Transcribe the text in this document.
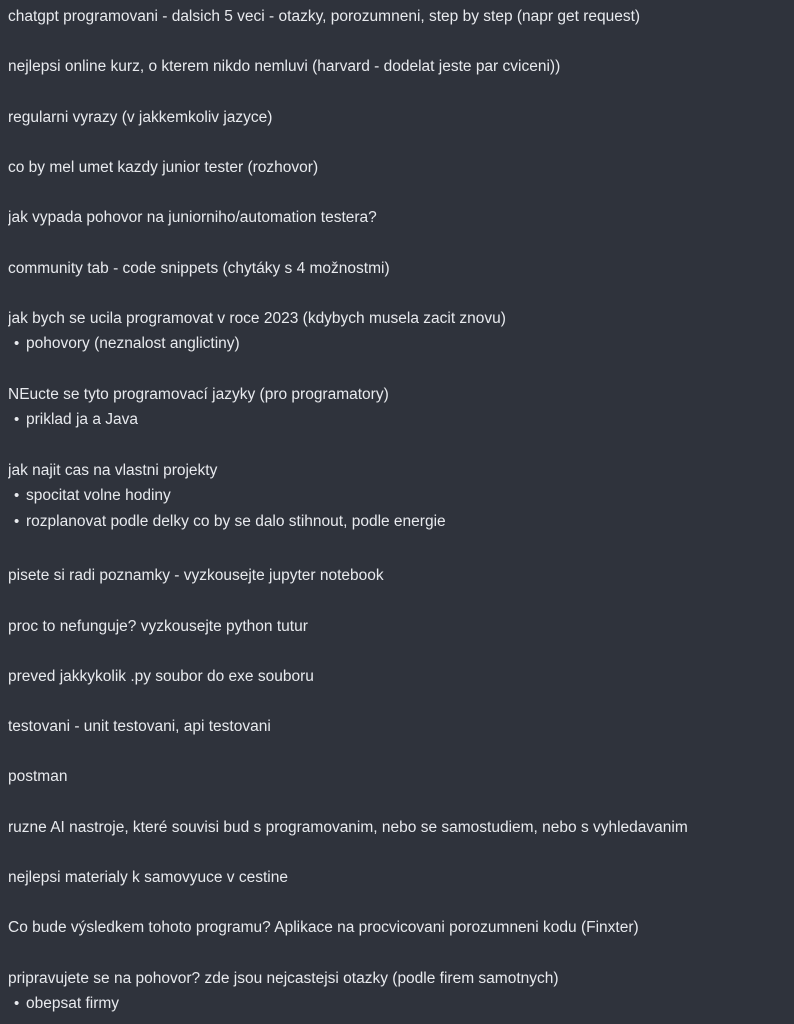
chatgpt programovani - dalsich 5 veci - otazky, porozumneni, step by step (napr get request)
nejlepsi online kurz, o kterem nikdo nemluvi (harvard - dodelat jeste par cviceni))
regularni vyrazy (v jakkemkoliv jazyce)
co by mel umet kazdy junior tester (rozhovor)
jak vypada pohovor na juniorniho/automation testera?
community tab - code snippets (chytáky s 4 možnostmi)
jak bych se ucila programovat v roce 2023 (kdybych musela zacit znovu)
• pohovory (neznalost anglictiny)
NEucte se tyto programovací jazyky (pro programatory)
• priklad ja a Java
jak najit cas na vlastni projekty
• spocitat volne hodiny
• rozplanovat podle delky co by se dalo stihnout, podle energie
pisete si radi poznamky - vyzkousejte jupyter notebook
proc to nefunguje? vyzkousejte python tutur
preved jakkykolik .py soubor do exe souboru
testovani - unit testovani, api testovani
postman
ruzne AI nastroje, které souvisi bud s programovanim, nebo se samostudiem, nebo s vyhledavanim
nejlepsi materialy k samovyuce v cestine
Co bude výsledkem tohoto programu? Aplikace na procvicovani porozumneni kodu (Finxter)
pripravujete se na pohovor? zde jsou nejcastejsi otazky (podle firem samotnych)
• obepsat firmy
